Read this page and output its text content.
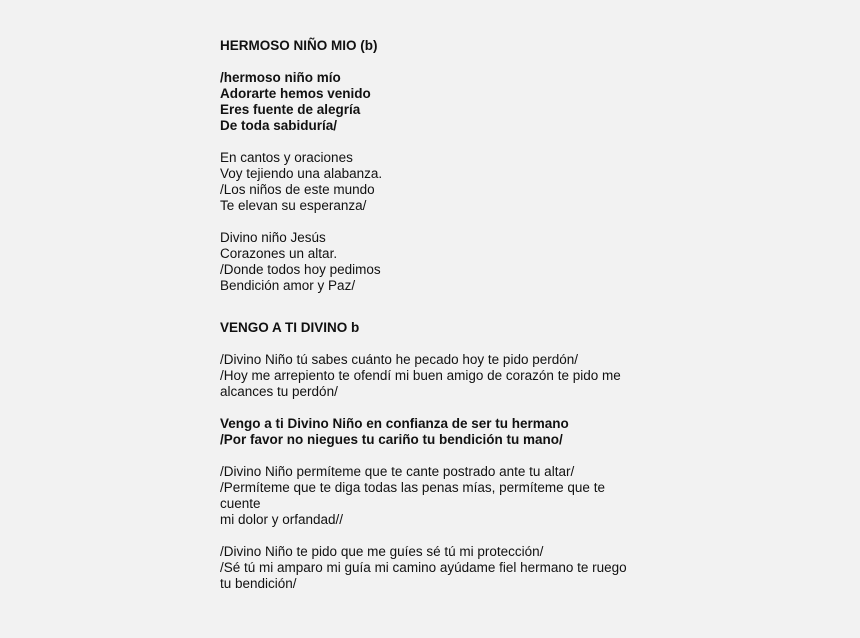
HERMOSO NIÑO MIO (b)
/hermoso niño mío
Adorarte hemos venido
Eres fuente de alegría
De toda sabiduría/
En cantos y oraciones
Voy tejiendo una alabanza.
/Los niños de este mundo
Te elevan su esperanza/
Divino niño Jesús
Corazones un altar.
/Donde todos hoy pedimos
Bendición amor y Paz/
VENGO A TI DIVINO b
/Divino Niño tú sabes cuánto he pecado hoy te pido perdón/
/Hoy me arrepiento te ofendí mi buen amigo de corazón te pido me
alcances tu perdón/
Vengo a ti Divino Niño en confianza de ser tu hermano
/Por favor no niegues tu cariño tu bendición tu mano/
/Divino Niño permíteme que te cante postrado ante tu altar/
/Permíteme que te diga todas las penas mías, permíteme que te
cuente
mi dolor y orfandad//
/Divino Niño te pido que me guíes sé tú mi protección/
/Sé tú mi amparo mi guía mi camino ayúdame fiel hermano te ruego
tu bendición/
